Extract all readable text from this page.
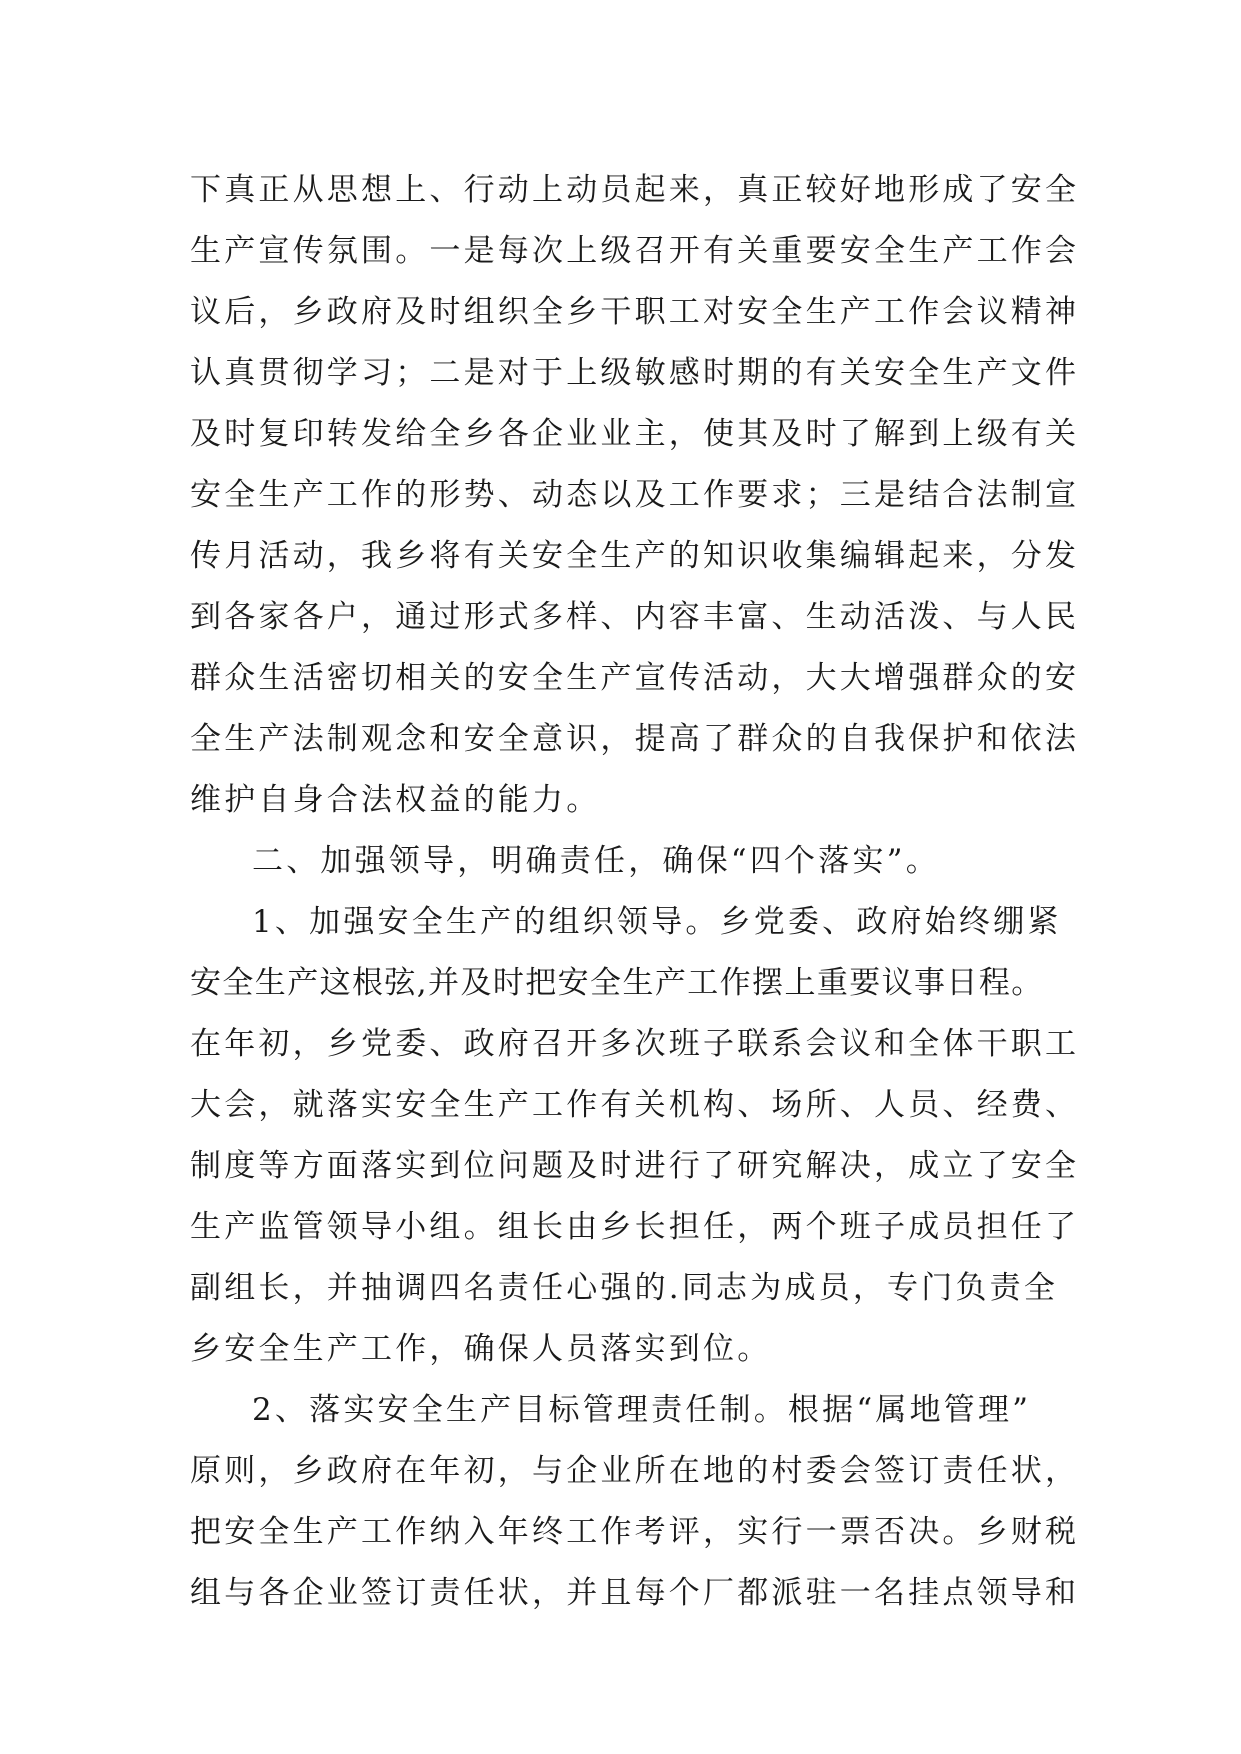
下真正从思想上、行动上动员起来，真正较好地形成了安全
生产宣传氛围。一是每次上级召开有关重要安全生产工作会
议后，乡政府及时组织全乡干职工对安全生产工作会议精神
认真贯彻学习；二是对于上级敏感时期的有关安全生产文件
及时复印转发给全乡各企业业主，使其及时了解到上级有关
安全生产工作的形势、动态以及工作要求；三是结合法制宣
传月活动，我乡将有关安全生产的知识收集编辑起来，分发
到各家各户，通过形式多样、内容丰富、生动活泼、与人民
群众生活密切相关的安全生产宣传活动，大大增强群众的安
全生产法制观念和安全意识，提高了群众的自我保护和依法
维护自身合法权益的能力。
二、加强领导，明确责任，确保“四个落实”。
1、加强安全生产的组织领导。乡党委、政府始终绷紧
安全生产这根弦,并及时把安全生产工作摆上重要议事日程。
在年初，乡党委、政府召开多次班子联系会议和全体干职工
大会，就落实安全生产工作有关机构、场所、人员、经费、
制度等方面落实到位问题及时进行了研究解决，成立了安全
生产监管领导小组。组长由乡长担任，两个班子成员担任了
副组长，并抽调四名责任心强的.同志为成员，专门负责全
乡安全生产工作，确保人员落实到位。
2、落实安全生产目标管理责任制。根据“属地管理”
原则，乡政府在年初，与企业所在地的村委会签订责任状，
把安全生产工作纳入年终工作考评，实行一票否决。乡财税
组与各企业签订责任状，并且每个厂都派驻一名挂点领导和
